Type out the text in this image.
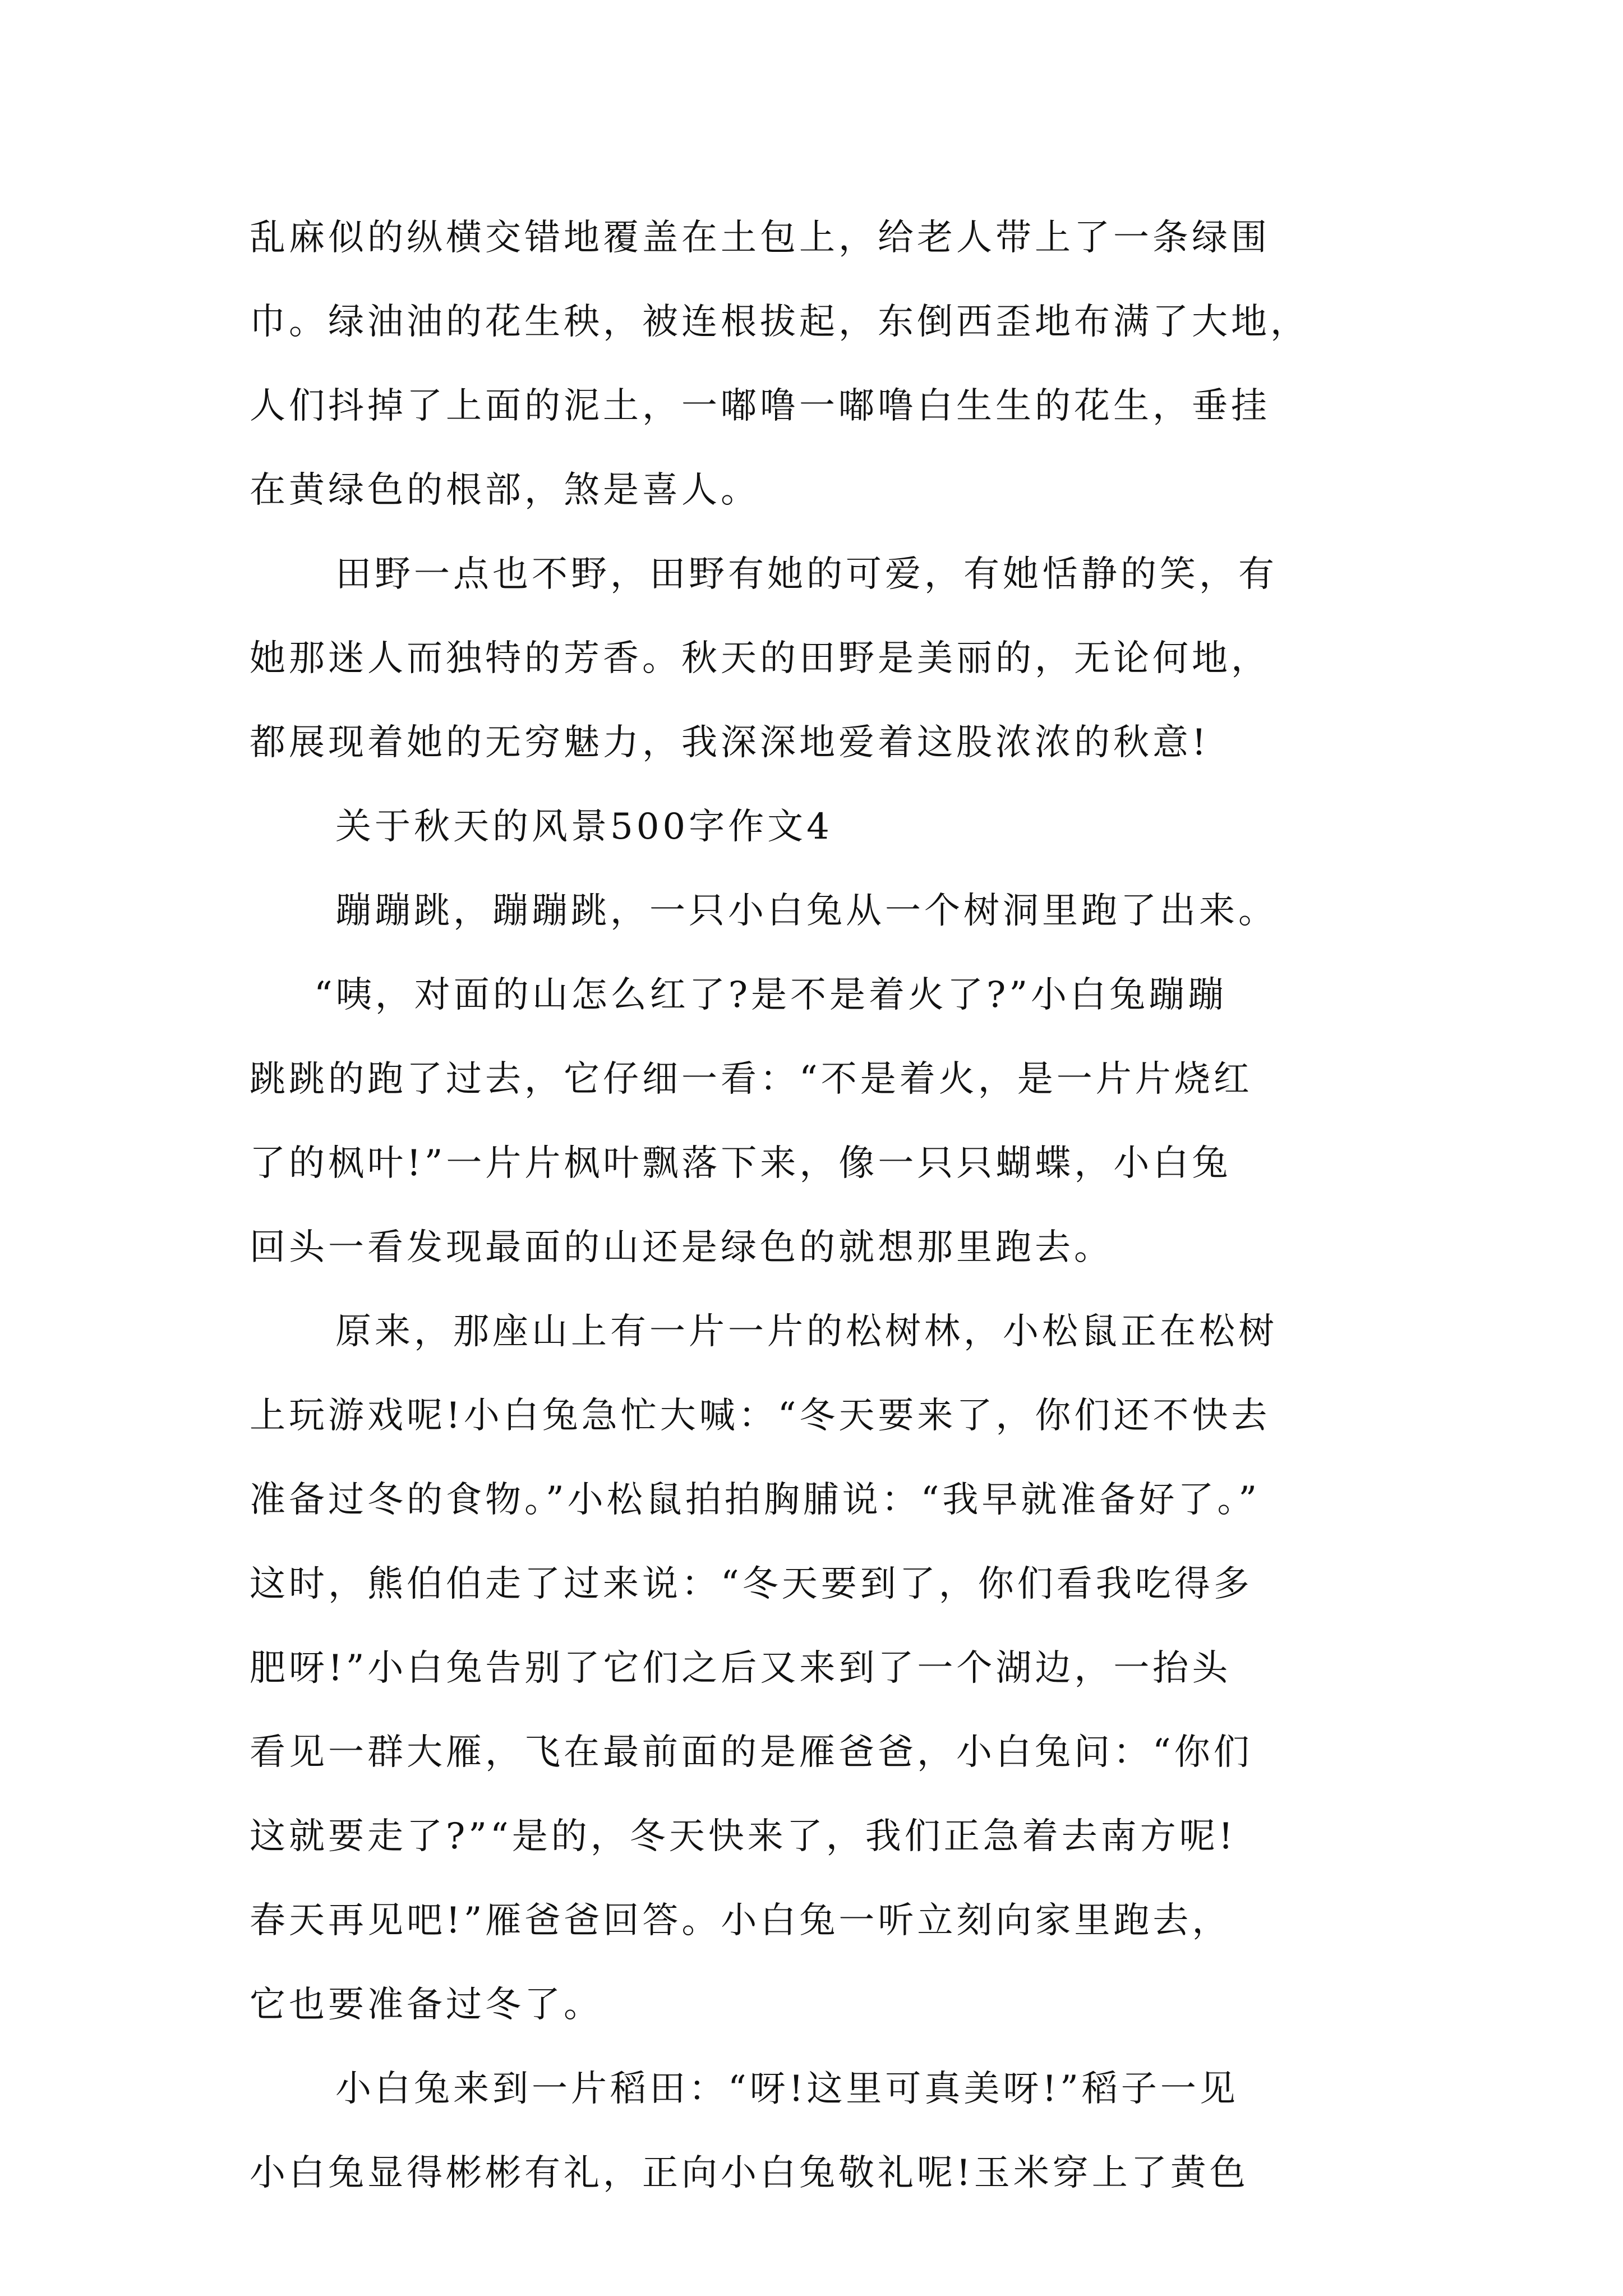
乱麻似的纵横交错地覆盖在土包上，给老人带上了一条绿围
巾。绿油油的花生秧，被连根拔起，东倒西歪地布满了大地，
人们抖掉了上面的泥土，一嘟噜一嘟噜白生生的花生，垂挂
在黄绿色的根部，煞是喜人。
田野一点也不野，田野有她的可爱，有她恬静的笑，有
她那迷人而独特的芳香。秋天的田野是美丽的，无论何地，
都展现着她的无穷魅力，我深深地爱着这股浓浓的秋意!
关于秋天的风景500字作文4
蹦蹦跳，蹦蹦跳，一只小白兔从一个树洞里跑了出来。
“咦，对面的山怎么红了?是不是着火了?”小白兔蹦蹦
跳跳的跑了过去，它仔细一看：“不是着火，是一片片烧红
了的枫叶!”一片片枫叶飘落下来，像一只只蝴蝶，小白兔
回头一看发现最面的山还是绿色的就想那里跑去。
原来，那座山上有一片一片的松树林，小松鼠正在松树
上玩游戏呢!小白兔急忙大喊：“冬天要来了，你们还不快去
准备过冬的食物。”小松鼠拍拍胸脯说：“我早就准备好了。”
这时，熊伯伯走了过来说：“冬天要到了，你们看我吃得多
肥呀!”小白兔告别了它们之后又来到了一个湖边，一抬头
看见一群大雁，飞在最前面的是雁爸爸，小白兔问：“你们
这就要走了?”“是的，冬天快来了，我们正急着去南方呢!
春天再见吧!”雁爸爸回答。小白兔一听立刻向家里跑去，
它也要准备过冬了。
小白兔来到一片稻田：“呀!这里可真美呀!”稻子一见
小白兔显得彬彬有礼，正向小白兔敬礼呢!玉米穿上了黄色
